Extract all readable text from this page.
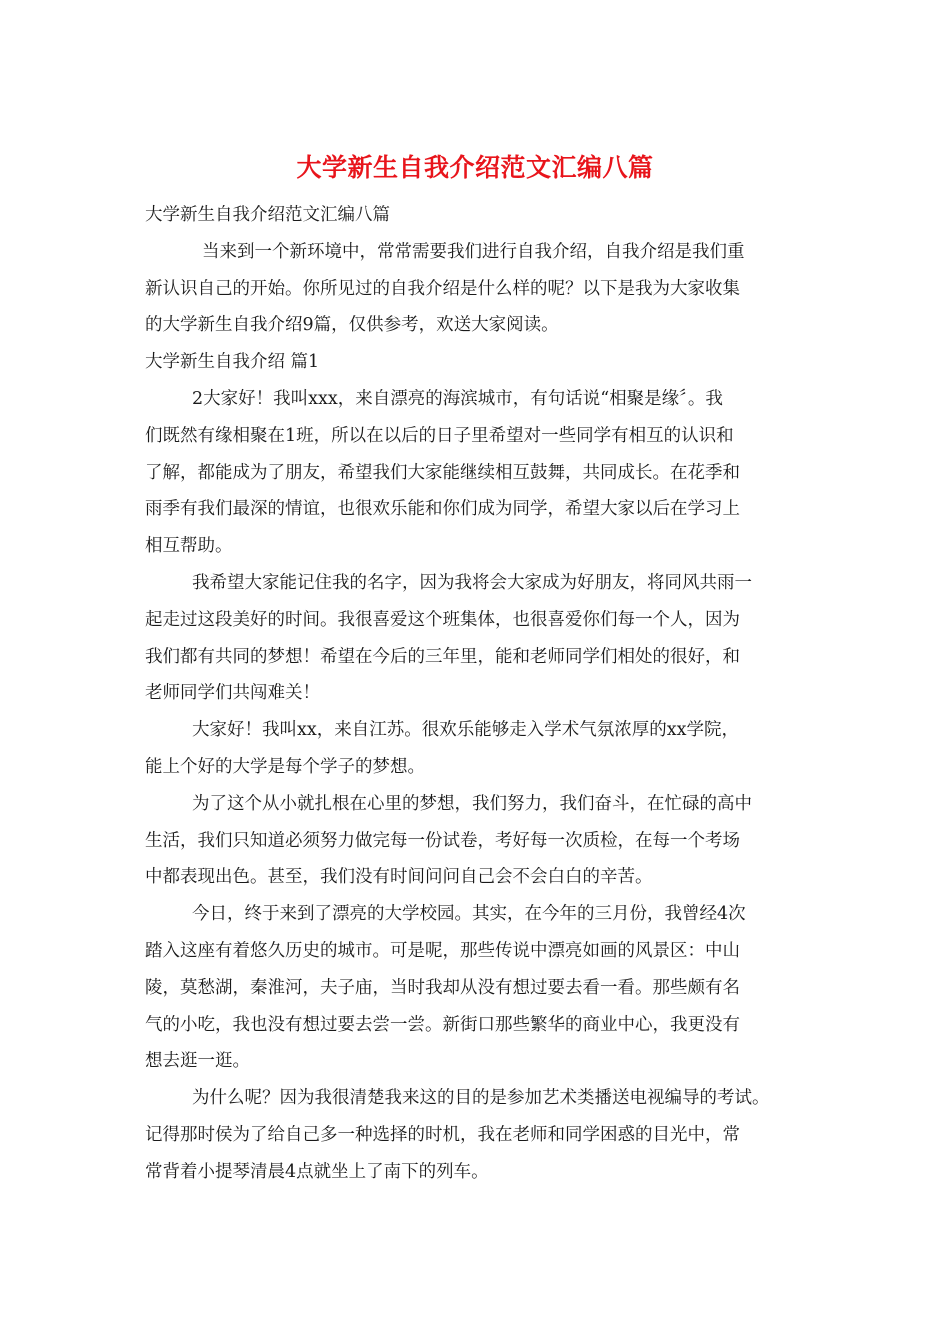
大学新生自我介绍范文汇编八篇
大学新生自我介绍范文汇编八篇
当来到一个新环境中，常常需要我们进行自我介绍，自我介绍是我们重
新认识自己的开始。你所见过的自我介绍是什么样的呢？以下是我为大家收集
的大学新生自我介绍9篇，仅供参考，欢送大家阅读。
大学新生自我介绍 篇1
2大家好！我叫xxx，来自漂亮的海滨城市，有句话说“相聚是缘〞。我
们既然有缘相聚在1班，所以在以后的日子里希望对一些同学有相互的认识和
了解，都能成为了朋友，希望我们大家能继续相互鼓舞，共同成长。在花季和
雨季有我们最深的情谊，也很欢乐能和你们成为同学，希望大家以后在学习上
相互帮助。
我希望大家能记住我的名字，因为我将会大家成为好朋友，将同风共雨一
起走过这段美好的时间。我很喜爱这个班集体，也很喜爱你们每一个人，因为
我们都有共同的梦想！希望在今后的三年里，能和老师同学们相处的很好，和
老师同学们共闯难关！
大家好！我叫xx，来自江苏。很欢乐能够走入学术气氛浓厚的xx学院，
能上个好的大学是每个学子的梦想。
为了这个从小就扎根在心里的梦想，我们努力，我们奋斗，在忙碌的高中
生活，我们只知道必须努力做完每一份试卷，考好每一次质检，在每一个考场
中都表现出色。甚至，我们没有时间问问自己会不会白白的辛苦。
今日，终于来到了漂亮的大学校园。其实，在今年的三月份，我曾经4次
踏入这座有着悠久历史的城市。可是呢，那些传说中漂亮如画的风景区：中山
陵，莫愁湖，秦淮河，夫子庙，当时我却从没有想过要去看一看。那些颇有名
气的小吃，我也没有想过要去尝一尝。新街口那些繁华的商业中心，我更没有
想去逛一逛。
为什么呢？因为我很清楚我来这的目的是参加艺术类播送电视编导的考试。
记得那时侯为了给自己多一种选择的时机，我在老师和同学困惑的目光中，常
常背着小提琴清晨4点就坐上了南下的列车。
